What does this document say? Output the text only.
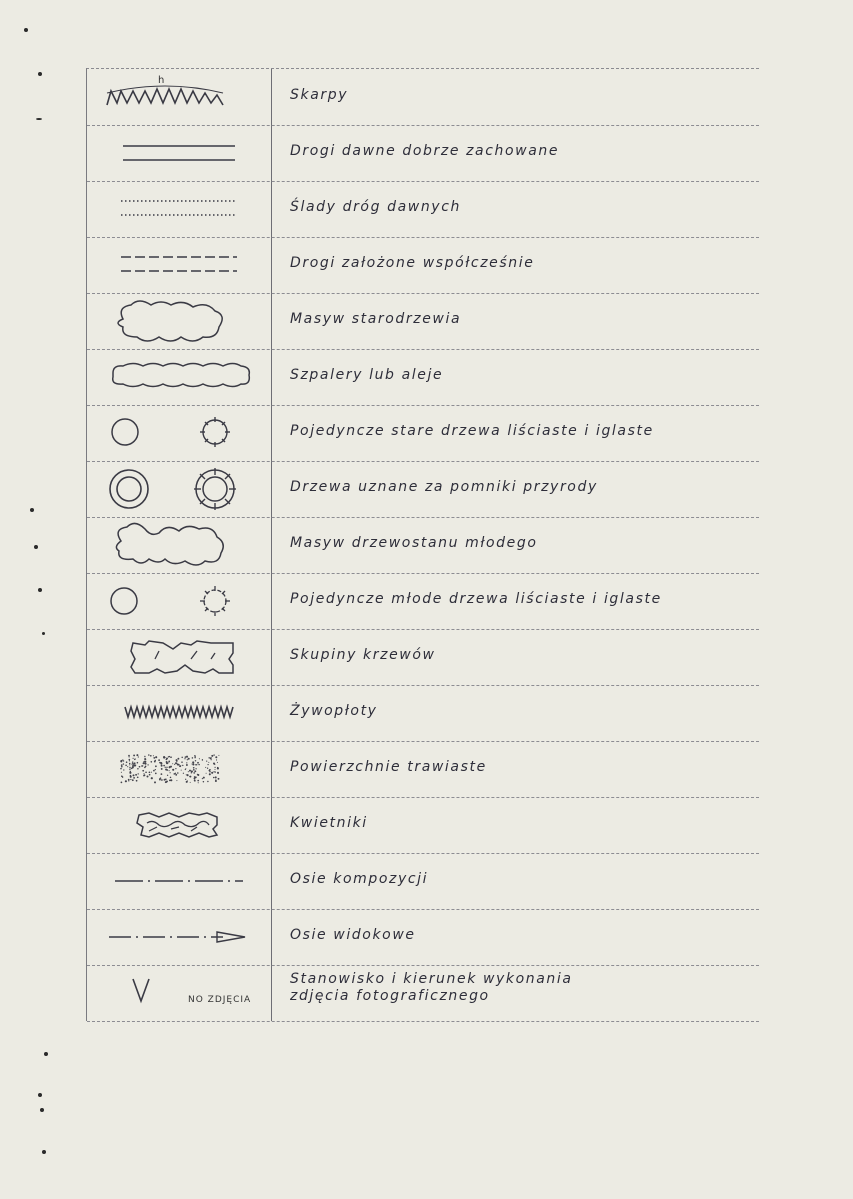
h
Skarpy
Drogi dawne dobrze zachowane
Ślady dróg dawnych
Drogi założone współcześnie
Masyw starodrzewia
Szpalery lub aleje
Pojedyncze stare drzewa liściaste i iglaste
Drzewa uznane za pomniki przyrody
Masyw drzewostanu młodego
Pojedyncze młode drzewa liściaste i iglaste
Skupiny krzewów
Żywopłoty
Powierzchnie trawiaste
Kwietniki
Osie kompozycji
Osie widokowe
NO ZDJĘCIA
Stanowisko i kierunek wykonania
zdjęcia fotograficznego
